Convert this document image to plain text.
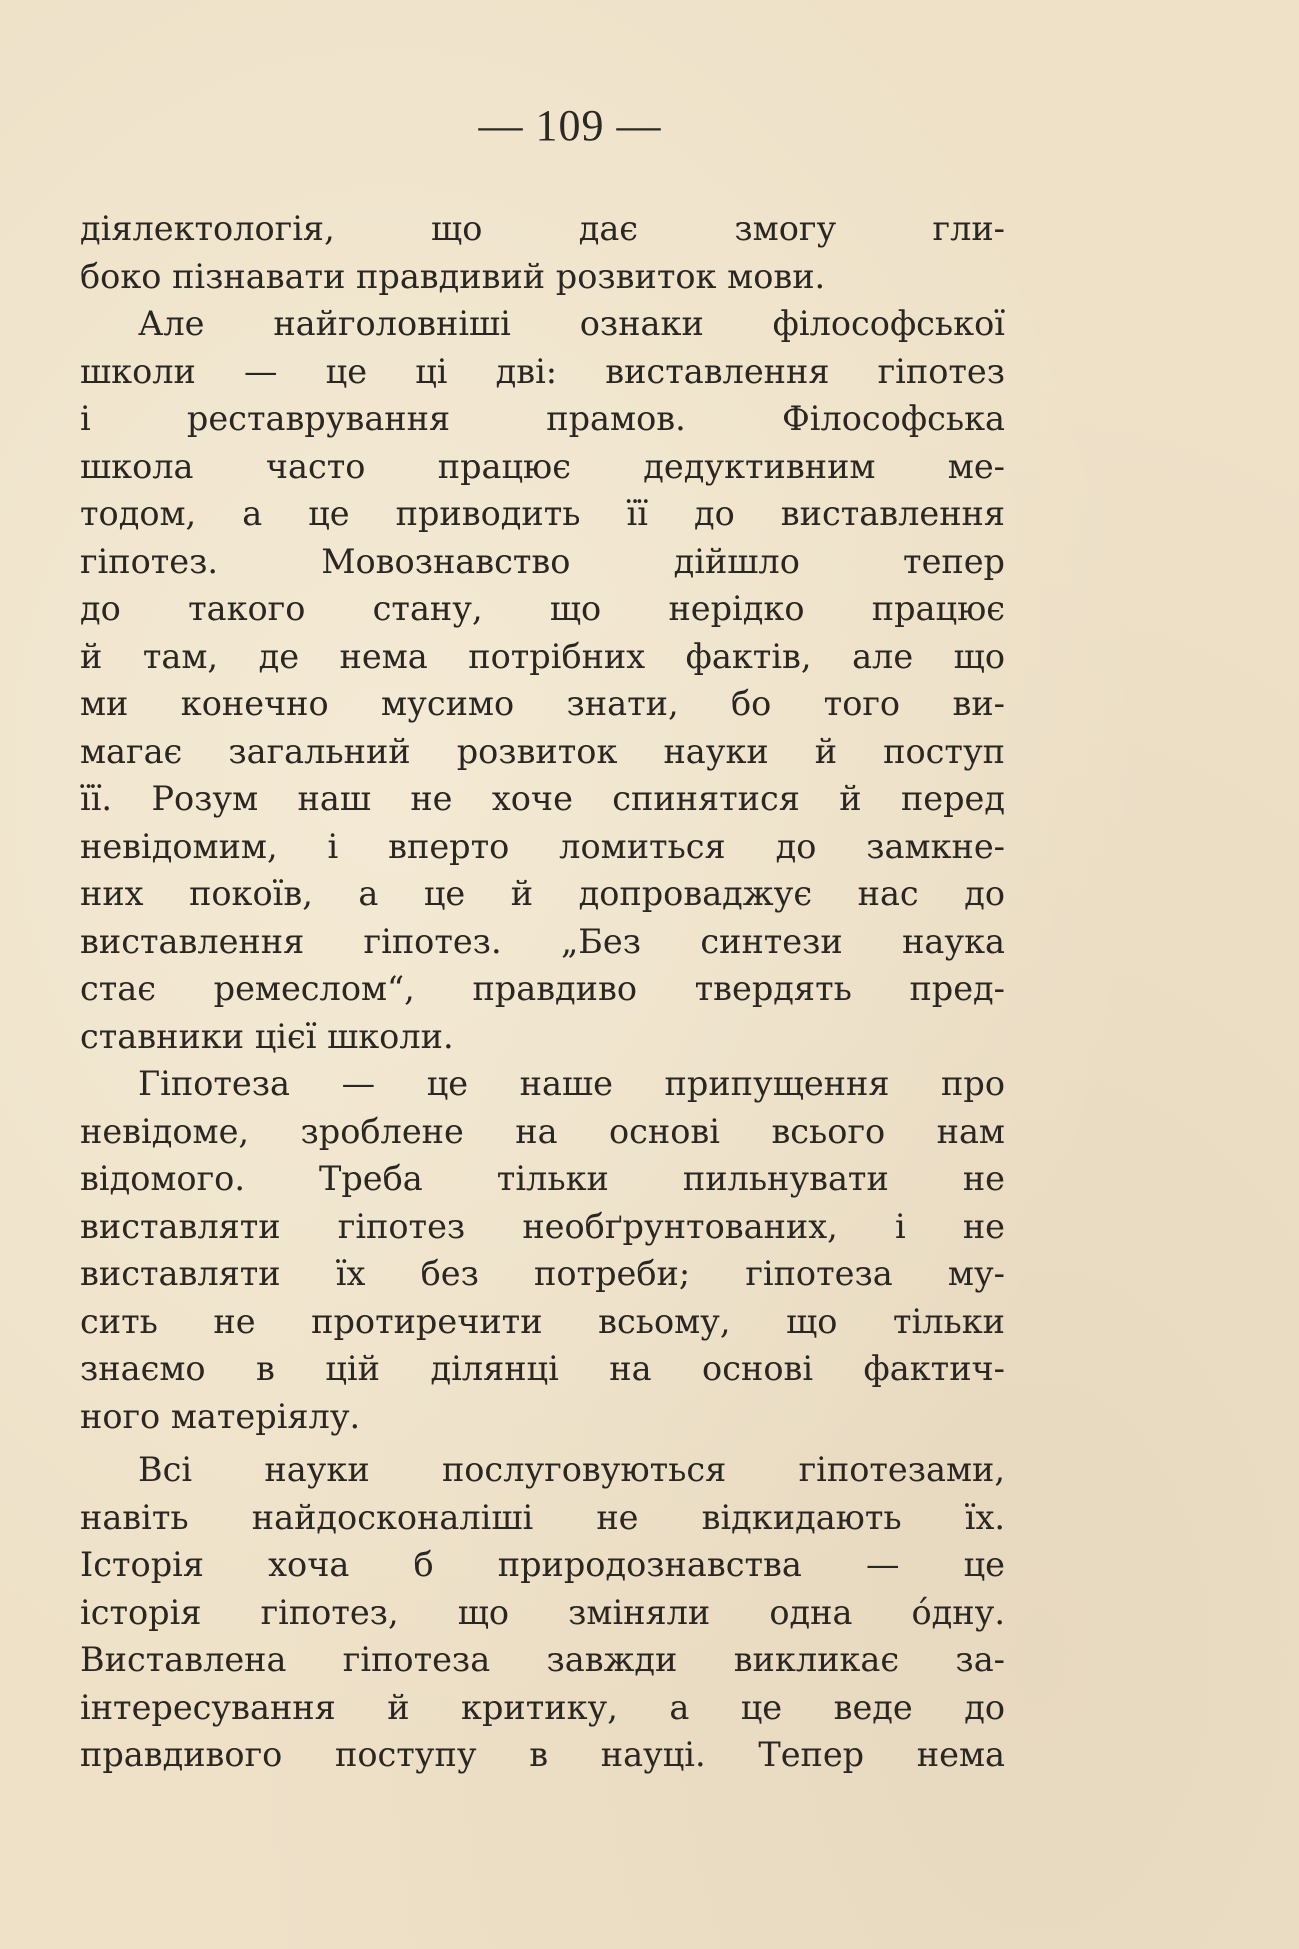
— 109 —
діялектологія, що дає змогу гли-
боко пізнавати правдивий розвиток мови.
Але найголовніші ознаки філософської
школи — це ці дві: виставлення гіпотез
і реставрування прамов. Філософська
школа часто працює дедуктивним ме-
тодом, а це приводить її до виставлення
гіпотез. Мовознавство дійшло тепер
до такого стану, що нерідко працює
й там, де нема потрібних фактів, але що
ми конечно мусимо знати, бо того ви-
магає загальний розвиток науки й поступ
її. Розум наш не хоче спинятися й перед
невідомим, і вперто ломиться до замкне-
них покоїв, а це й допроваджує нас до
виставлення гіпотез. „Без синтези наука
стає ремеслом“, правдиво твердять пред-
ставники цієї школи.
Гіпотеза — це наше припущення про
невідоме, зроблене на основі всього нам
відомого. Треба тільки пильнувати не
виставляти гіпотез необґрунтованих, і не
виставляти їх без потреби; гіпотеза му-
сить не протиречити всьому, що тільки
знаємо в цій ділянці на основі фактич-
ного матеріялу.
Всі науки послуговуються гіпотезами,
навіть найдосконаліші не відкидають їх.
Історія хоча б природознавства — це
історія гіпотез, що зміняли одна о́дну.
Виставлена гіпотеза завжди викликає за-
інтересування й критику, а це веде до
правдивого поступу в науці. Тепер нема
